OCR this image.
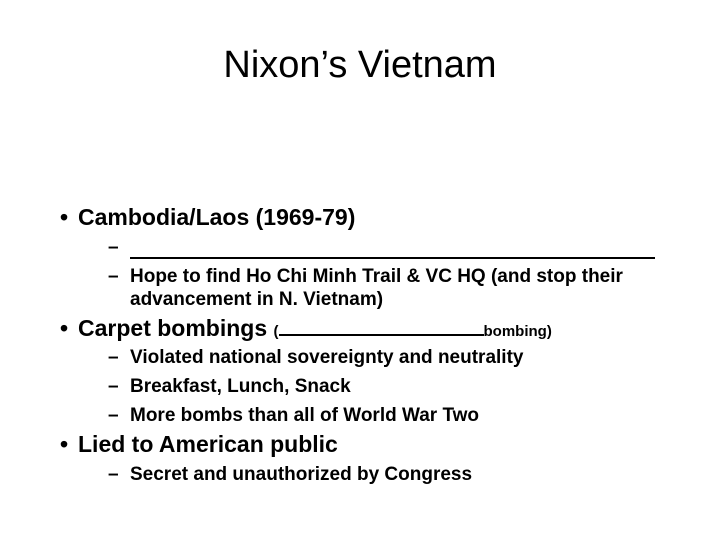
Nixon’s Vietnam
• Cambodia/Laos (1969-79)
–
– Hope to find Ho Chi Minh Trail & VC HQ (and stop their advancement in N. Vietnam)
• Carpet bombings (	bombing)
– Violated national sovereignty and neutrality
– Breakfast, Lunch, Snack
– More bombs than all of World War Two
• Lied to American public
– Secret and unauthorized by Congress
